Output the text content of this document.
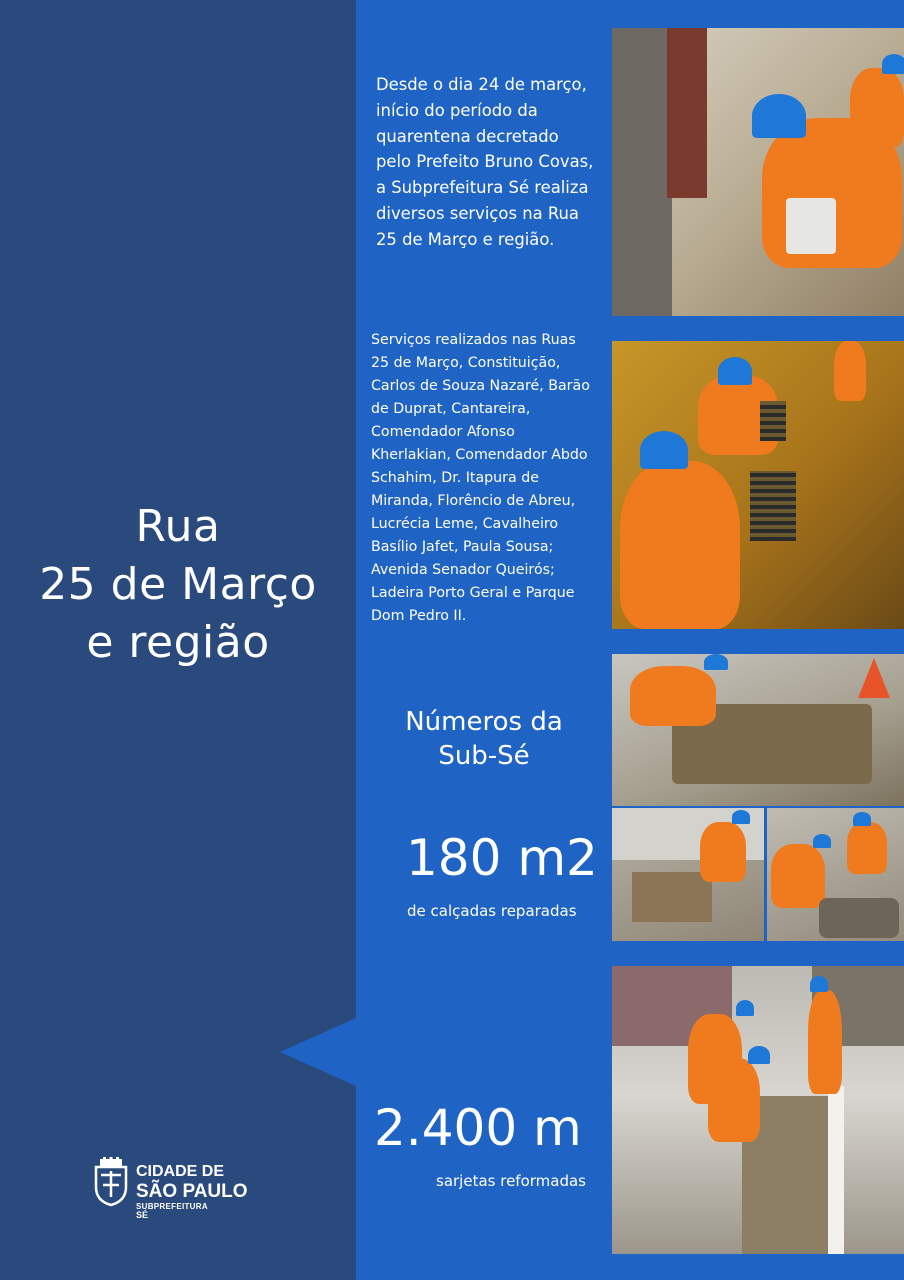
Rua
25 de Março
e região
Desde o dia 24 de março, início do período da quarentena decretado pelo Prefeito Bruno Covas, a Subprefeitura Sé realiza diversos serviços na Rua 25 de Março e região.
Serviços realizados nas Ruas 25 de Março, Constituição, Carlos de Souza Nazaré, Barão de Duprat, Cantareira, Comendador Afonso Kherlakian, Comendador Abdo Schahim, Dr. Itapura de Miranda, Florêncio de Abreu, Lucrécia Leme, Cavalheiro Basílio Jafet, Paula Sousa; Avenida Senador Queirós; Ladeira Porto Geral e Parque Dom Pedro II.
Números da
Sub-Sé
180 m2
de calçadas reparadas
2.400 m
sarjetas reformadas
CIDADE DE
SÃO PAULO
SUBPREFEITURA
SÉ
